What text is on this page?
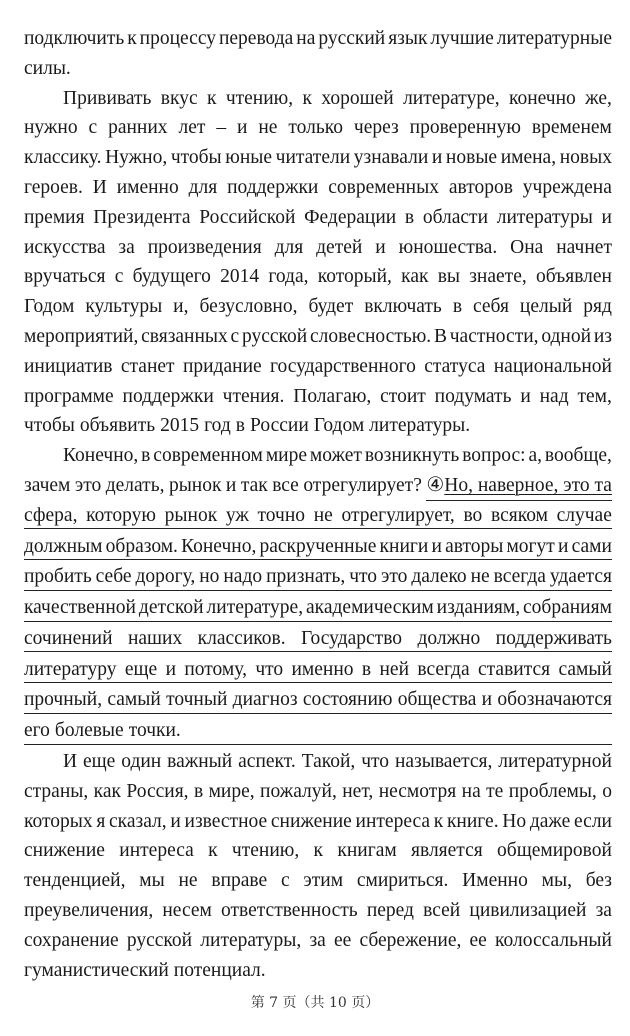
подключить к процессу перевода на русский язык лучшие литературные
силы.
Прививать вкус к чтению, к хорошей литературе, конечно же,
нужно с ранних лет – и не только через проверенную временем
классику. Нужно, чтобы юные читатели узнавали и новые имена, новых
героев. И именно для поддержки современных авторов учреждена
премия Президента Российской Федерации в области литературы и
искусства за произведения для детей и юношества. Она начнет
вручаться с будущего 2014 года, который, как вы знаете, объявлен
Годом культуры и, безусловно, будет включать в себя целый ряд
мероприятий, связанных с русской словесностью. В частности, одной из
инициатив станет придание государственного статуса национальной
программе поддержки чтения. Полагаю, стоит подумать и над тем,
чтобы объявить 2015 год в России Годом литературы.
Конечно, в современном мире может возникнуть вопрос: а, вообще,
зачем это делать, рынок и так все отрегулирует? ④Но, наверное, это та
сфера, которую рынок уж точно не отрегулирует, во всяком случае
должным образом. Конечно, раскрученные книги и авторы могут и сами
пробить себе дорогу, но надо признать, что это далеко не всегда удается
качественной детской литературе, академическим изданиям, собраниям
сочинений наших классиков. Государство должно поддерживать
литературу еще и потому, что именно в ней всегда ставится самый
прочный, самый точный диагноз состоянию общества и обозначаются
его болевые точки.
И еще один важный аспект. Такой, что называется, литературной
страны, как Россия, в мире, пожалуй, нет, несмотря на те проблемы, о
которых я сказал, и известное снижение интереса к книге. Но даже если
снижение интереса к чтению, к книгам является общемировой
тенденцией, мы не вправе с этим смириться. Именно мы, без
преувеличения, несем ответственность перед всей цивилизацией за
сохранение русской литературы, за ее сбережение, ее колоссальный
гуманистический потенциал.
第 7 页（共 10 页）
